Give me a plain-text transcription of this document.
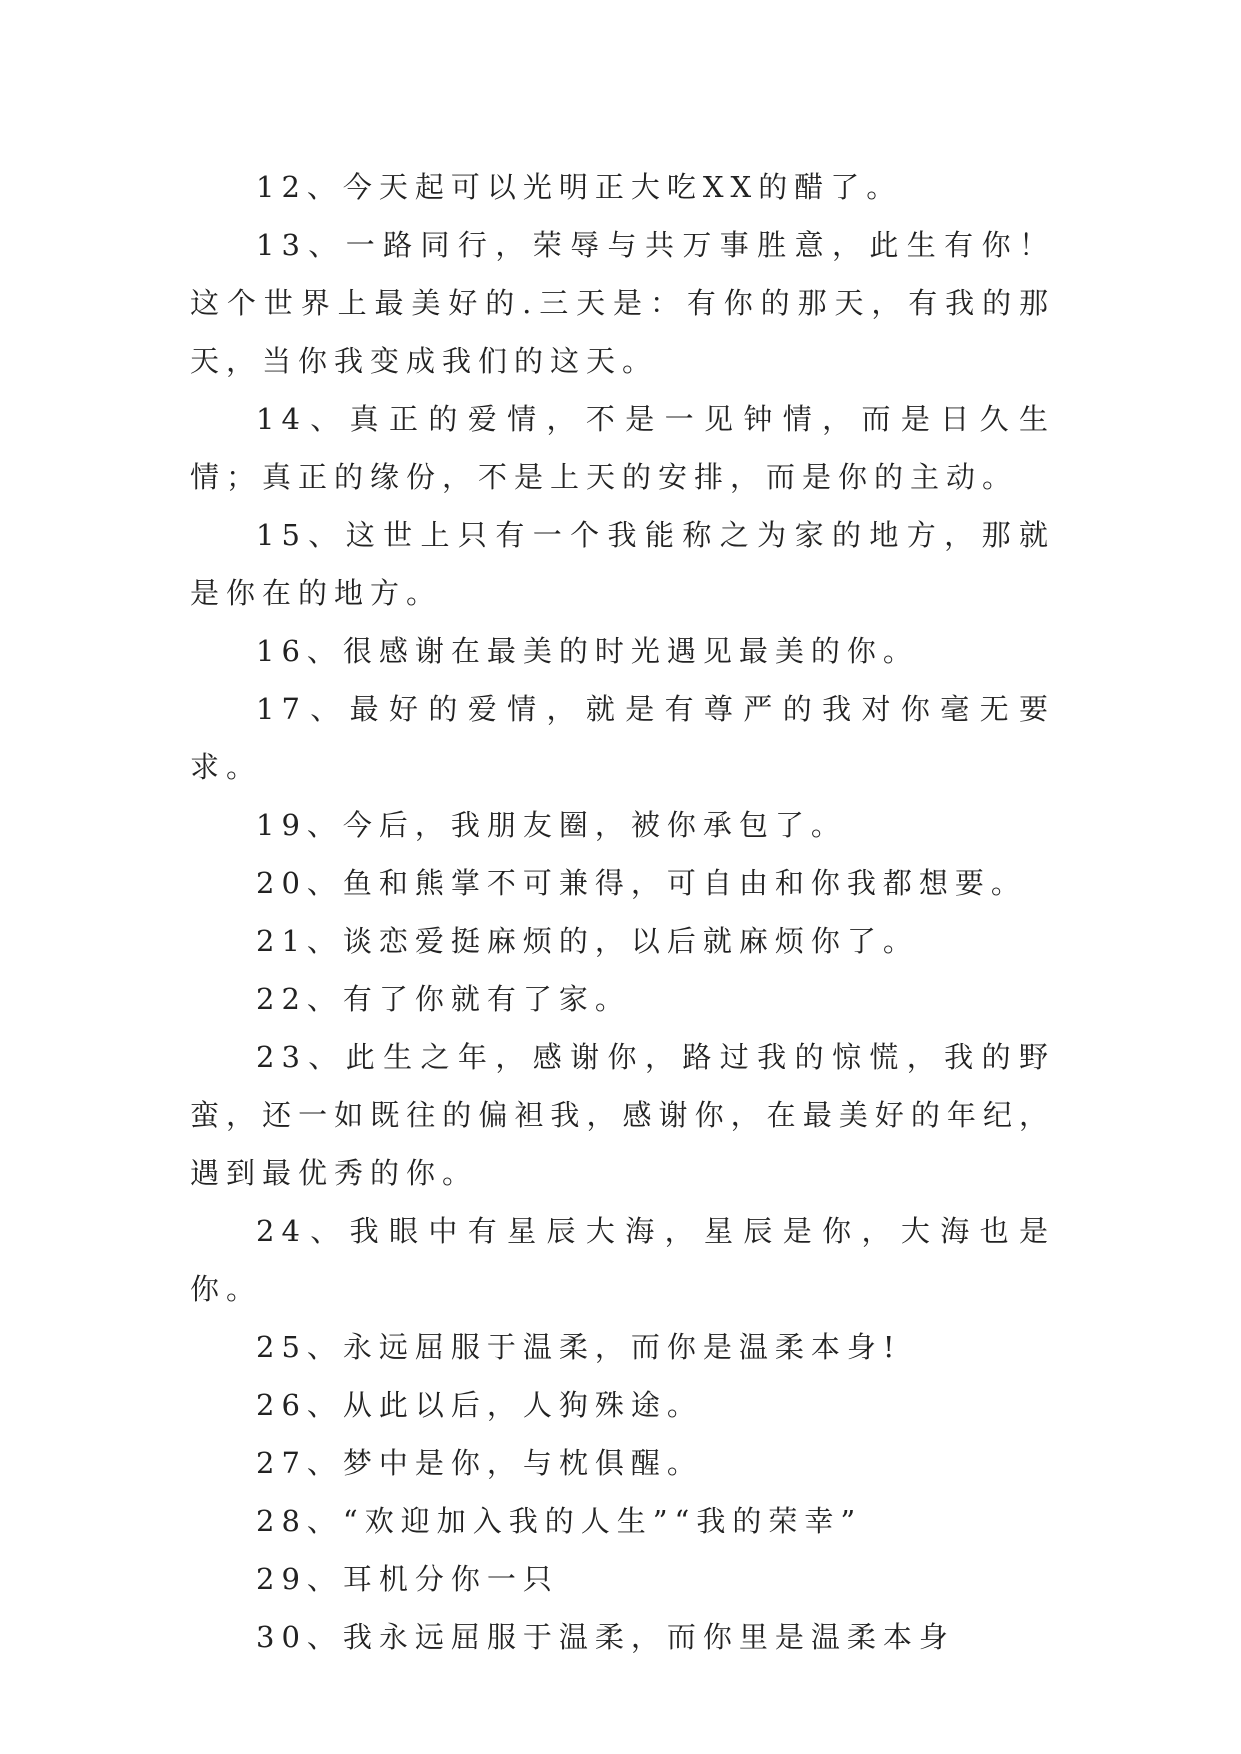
12、今天起可以光明正大吃XX的醋了。

13、一路同行，荣辱与共万事胜意，此生有你！这个世界上最美好的.三天是：有你的那天，有我的那天，当你我变成我们的这天。

14、真正的爱情，不是一见钟情，而是日久生情；真正的缘份，不是上天的安排，而是你的主动。

15、这世上只有一个我能称之为家的地方，那就是你在的地方。

16、很感谢在最美的时光遇见最美的你。

17、最好的爱情，就是有尊严的我对你毫无要求。

19、今后，我朋友圈，被你承包了。

20、鱼和熊掌不可兼得，可自由和你我都想要。

21、谈恋爱挺麻烦的，以后就麻烦你了。

22、有了你就有了家。

23、此生之年，感谢你，路过我的惊慌，我的野蛮，还一如既往的偏袒我，感谢你，在最美好的年纪，遇到最优秀的你。

24、我眼中有星辰大海，星辰是你，大海也是你。

25、永远屈服于温柔，而你是温柔本身!

26、从此以后，人狗殊途。

27、梦中是你，与枕俱醒。

28、“欢迎加入我的人生”“我的荣幸”

29、耳机分你一只

30、我永远屈服于温柔，而你里是温柔本身
